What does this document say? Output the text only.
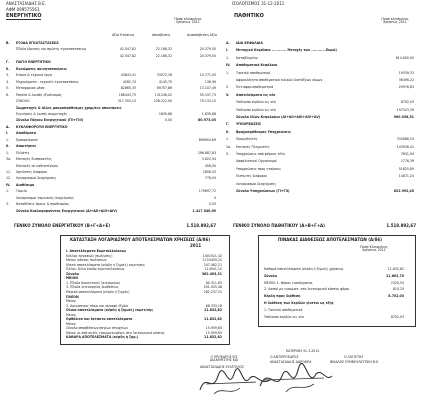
ΑΝΑΣΤΑΣΙΑΔΗΣ Β.Ε.
ΑΦΜ 099575561
ΕΝΕΡΓΗΤΙΚΟ
ΙΣΟΛΟΓΙΣΜΟΣ 31-12-2011
ΠΑΘΗΤΙΚΟ
Ποσά κλεισμένης Χρήσεως 2011
Αξία Κτήσεως	Αποσβέσεις	Αναπόσβεστη Αξία
Ποσά κλεισμένης Χρήσεως 2011
Β. ΕΞΟΔΑ ΕΓΚΑΤΑΣΤΑΣΕΩΣ
Έξοδα ίδρυσης και πρώτης εγκαταστάσεως	42.547,82	22.168,32	20.379,50
42.547,82	22.168,32	20.379,50
Γ. ΠΑΓΙΟ ΕΝΕΡΓΗΤΙΚΟ
ΙΙ. Ενσώματες ακινητοποιήσεις
3. Κτίρια & τεχνικά έργα	43843,41	33072,36	10.771,05
4. Μηχανήματα - τεχνικές εγκαταστάσεις	4282,74	4145,75	136,99
5. Μεταφορικά μέσα	82865,35	69757,86	13.107,49
6. Έπιπλα & λοιπός εξοπλισμός	186443,75	131246,02	55.197,73
ΣΥΝΟΛΟ	317.355,15	238.222,00	79.133,15
Συμμετοχές & άλλες μακροπρόθεσμες χρημ/κες απαιτήσεις
Εγγυήσεις & λοιπές συμμετοχές	1839,88	1.839,88
Σύνολο Πάγιου Ενεργητικού (ΓΙΙ+ΓΙΙΙ)	0,00	80.973,03
Δ. ΚΥΚΛΟΦΟΡΟΥΝ ΕΝΕΡΓΗΤΙΚΟ
Ι. Αποθέματα
1. Εμπορεύματα	899654,69
ΙΙ. Απαιτήσεις
1. Πελάτες	296.887,83
3α. Επιταγές Εισπρακτέες	3.622,94
Επιταγές σε καθυστέρηση	456,00
11. Χρεώστες διάφοροι	1856,43
12. Λογαριασμοί διαχείρισης	776,04
IV. Διαθέσιμα
1. Ταμείο	179697,72
Λογαριασμοί ταμειακής διαχείρισης	0
3. Καταθέσεις όψεως & προθεσμίας	5,55
Σύνολο Κυκλοφορούντος Ενεργητικού (ΔΙ+ΔΙΙ+ΔΙΙΙ+ΔΙV)	1.417.540,09
Α. ΙΔΙΑ ΚΕΦΑΛΑΙΑ
Ι. Μετοχικό Κεφάλαιο ............ Μετοχές των ............Ευρώ)
1. Καταβλημένο	614.600,00
ΙV. Αποθεματικά Κεφάλαια
1. Τακτικό αποθεματικό	19539,33
Αφορολόγητα αποθεματικά ειδικών διατάξεων νόμων	36496,22
5. Έκτ.αφορ.αποθεματικά	29976,83
V. Αποτελέσματα εις νέο
Υπόλοιπο κερδών εις νέο	8702,03
Υπόλοιπο κερδών εις νέο	197523,39
Σύνολο Ιδίων Κεφαλαίων (ΑΙ+ΑΙΙ+ΑΙΙΙ+ΑΙV+ΑV)	900.038,51
Γ. ΥΠΟΧΡΕΩΣΕΙΣ
ΙΙ. Βραχυπρόθεσμες Υποχρεώσεις
1. Προμηθευτές	332688,34
2α. Επιταγές Πληρωτέες	143938,41
5. Υποχρεώσεις από φόρους τέλη	7631,94
Ασφαλιστικοί Οργανισμοί	1776,39
Υποχρεώσεις προς εταίρους	51625,89
Πιστωτές διάφοροι	14871,24
Λογαριασμοί διαχείρισης
Σύνολο Υποχρεώσεων (ΓΙ+ΓΙΙ)	622.992,45
ΓΕΝΙΚΟ ΣΥΝΟΛΟ ΕΝΕΡΓΗΤΙΚΟΥ (Β+Γ+Δ+Ε)	1.518.892,67	ΓΕΝΙΚΟ ΣΥΝΟΛΟ ΠΑΘΗΤΙΚΟΥ (Α+Β+Γ+Δ)	1.518.892,67
ΚΑΤΑΣΤΑΣΗ ΛΟΓΑΡΙΑΣΜΟΥ ΑΠΟΤΕΛΕΣΜΑΤΩΝ ΧΡΗΣΕΩΣ (Α/86)
2011
Ι. Αποτελέσματα Εκμεταλλεύσεως
Κύκλος εργασιών (πωλήσεις)	1401921,42
Μείον: κόστος πωλήσεων	1154459,21
Μικτά αποτελέσματα (κέρδη ή ζημιές) εκμετ/σης	247.462,21
Πλέον: Άλλα έσοδα εκμεταλλεύσεως	114941,10
Σύνολο	362.403,31
ΜΕΙΟΝ
1. Έξοδα διοικητικής λειτουργίας	80.311,83
3. Έξοδα λειτουργίας διαθέσεως	201.925,48
Μερικά αποτελέσματα (κέρδη ή ζημιές)	282.237,31
ΠΛΕΟΝ
Μείον:
3. Χρεωστικοί τόκοι και συναφή έξοδα	68.333,18
Ολικά αποτελέσματα (κέρδη ή ζημιές) εκμετ/σης	11.832,82
Μείον:
Ορθόλιτα και έκτακτα αποτελέσματα	11.832,82
Μείον:
Σύνολο αποσβέσεων παγίων στοιχείων	15.959,65
Μείον: οι από αυτές ενσωματωμένες στο λειτουργικό κόστος	15.959,65
ΚΑΘΑΡΑ ΑΠΟΤΕΛΕΣΜΑΤΑ (κέρδη ή ζημ.)	11.832,82
ΠΙΝΑΚΑΣ ΔΙΑΘΕΣΕΩΣ ΑΠΟΤΕΛΕΣΜΑΤΩΝ (Α/86)
Ποσά Κλεισμένης Χρήσεως 2011
Καθαρά αποτελέσματα (κέρδη ή ζημιές) χρήσεως	11.832,82
Σύνολο	11.602,70
ΜΕΙΟΝ: 1. Φόρος εισοδήματος	2320,54
2. Λοιποί μη ενσωματ. στο λειτουργικό κόστος φόροι	810,25
Κέρδη προς διάθεση	8.702,03
Η διάθεση των Κερδών γίνεται ως εξής
1. Τακτικό αποθεματικό
Υπόλοιπο κερδών εις νέο	8702,03
ΚΑΤΕΡΙΝΗ 31-3-2012
Ο ΠΡΟΕΔΡΟΣ ΕΙΣ ΔΙΑΧΕΙΡΙΣΤΗΣ ΚΑΙ
Ο ΑΝΤΙΠΡΟΕΔΡΟΣ
ΑΝΑΣΤΑΣΙΑΔΗΣ ΔΩΡΟΘΕΑ
Ο ΛΟΓΙΣΤΗΣ
ΒΙΚΑΛΗΣ ΣΥΜΒΟΥΛΕΥΤΙΚΗ Β.Ε.
ΑΝΑΣΤΑΣΙΑΔΗΣ ΕΥΑΓΓΕΛΟΣ
